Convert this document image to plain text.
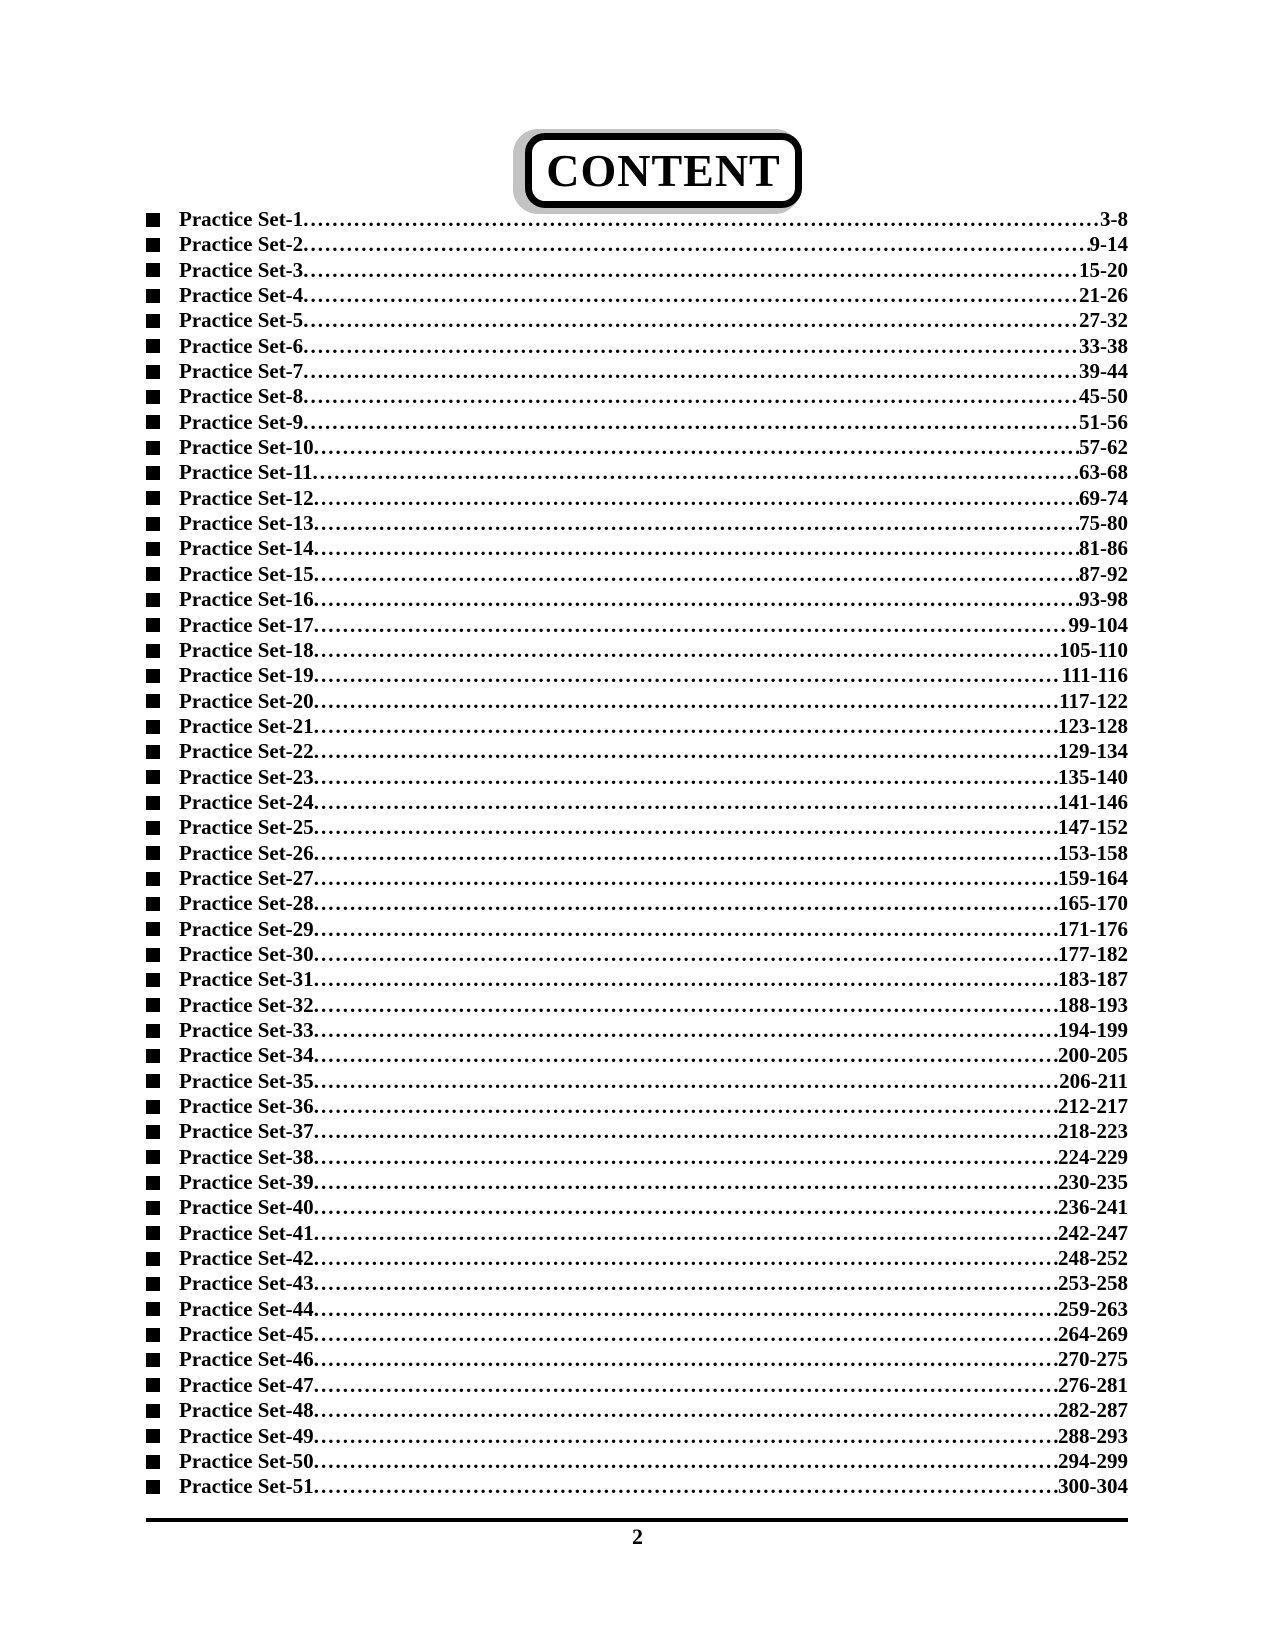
CONTENT
Practice Set-1 .....	3-8
Practice Set-2 .....	9-14
Practice Set-3 .....	15-20
Practice Set-4 .....	21-26
Practice Set-5 .....	27-32
Practice Set-6 .....	33-38
Practice Set-7 .....	39-44
Practice Set-8 .....	45-50
Practice Set-9 .....	51-56
Practice Set-10 .....	57-62
Practice Set-11 .....	63-68
Practice Set-12 .....	69-74
Practice Set-13 .....	75-80
Practice Set-14 .....	81-86
Practice Set-15 .....	87-92
Practice Set-16 .....	93-98
Practice Set-17 .....	99-104
Practice Set-18 .....	105-110
Practice Set-19 .....	111-116
Practice Set-20 .....	117-122
Practice Set-21 .....	123-128
Practice Set-22 .....	129-134
Practice Set-23 .....	135-140
Practice Set-24 .....	141-146
Practice Set-25 .....	147-152
Practice Set-26 .....	153-158
Practice Set-27 .....	159-164
Practice Set-28 .....	165-170
Practice Set-29 .....	171-176
Practice Set-30 .....	177-182
Practice Set-31 .....	183-187
Practice Set-32 .....	188-193
Practice Set-33 .....	194-199
Practice Set-34 .....	200-205
Practice Set-35 .....	206-211
Practice Set-36 .....	212-217
Practice Set-37 .....	218-223
Practice Set-38 .....	224-229
Practice Set-39 .....	230-235
Practice Set-40 .....	236-241
Practice Set-41 .....	242-247
Practice Set-42 .....	248-252
Practice Set-43 .....	253-258
Practice Set-44 .....	259-263
Practice Set-45 .....	264-269
Practice Set-46 .....	270-275
Practice Set-47 .....	276-281
Practice Set-48 .....	282-287
Practice Set-49 .....	288-293
Practice Set-50 .....	294-299
Practice Set-51 .....	300-304
2
